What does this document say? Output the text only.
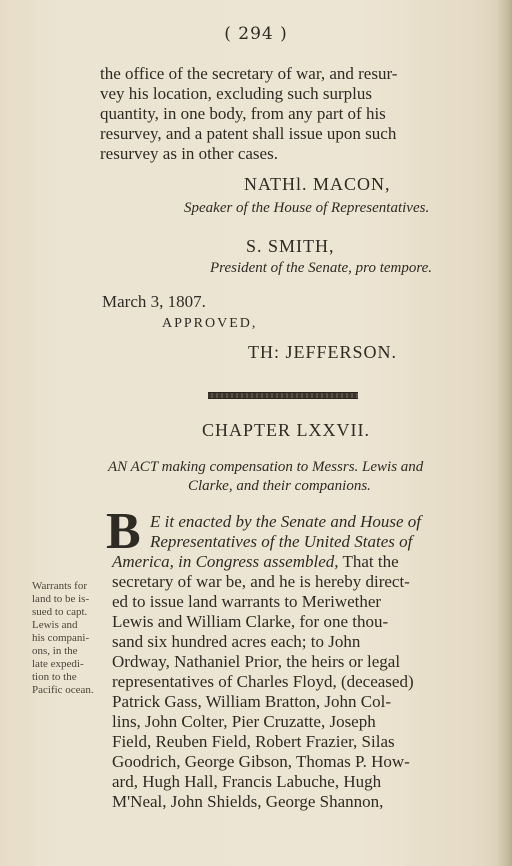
( 294 )
the office of the secretary of war, and resur-
vey his location, excluding such surplus
quantity, in one body, from any part of his
resurvey, and a patent shall issue upon such
resurvey as in other cases.
NATHl. MACON,
Speaker of the House of Representatives.
S. SMITH,
President of the Senate, pro tempore.
March 3, 1807.
APPROVED,
TH: JEFFERSON.
CHAPTER LXXVII.
AN ACT making compensation to Messrs. Lewis and
Clarke, and their companions.
B E it enacted by the Senate and House of
Representatives of the United States of
America, in Congress assembled, That the
secretary of war be, and he is hereby direct-
ed to issue land warrants to Meriwether
Lewis and William Clarke, for one thou-
sand six hundred acres each; to John
Ordway, Nathaniel Prior, the heirs or legal
representatives of Charles Floyd, (deceased)
Patrick Gass, William Bratton, John Col-
lins, John Colter, Pier Cruzatte, Joseph
Field, Reuben Field, Robert Frazier, Silas
Goodrich, George Gibson, Thomas P. How-
ard, Hugh Hall, Francis Labuche, Hugh
M'Neal, John Shields, George Shannon,
Warrants for
land to be is-
sued to capt.
Lewis and
his compani-
ons, in the
late expedi-
tion to the
Pacific ocean.
